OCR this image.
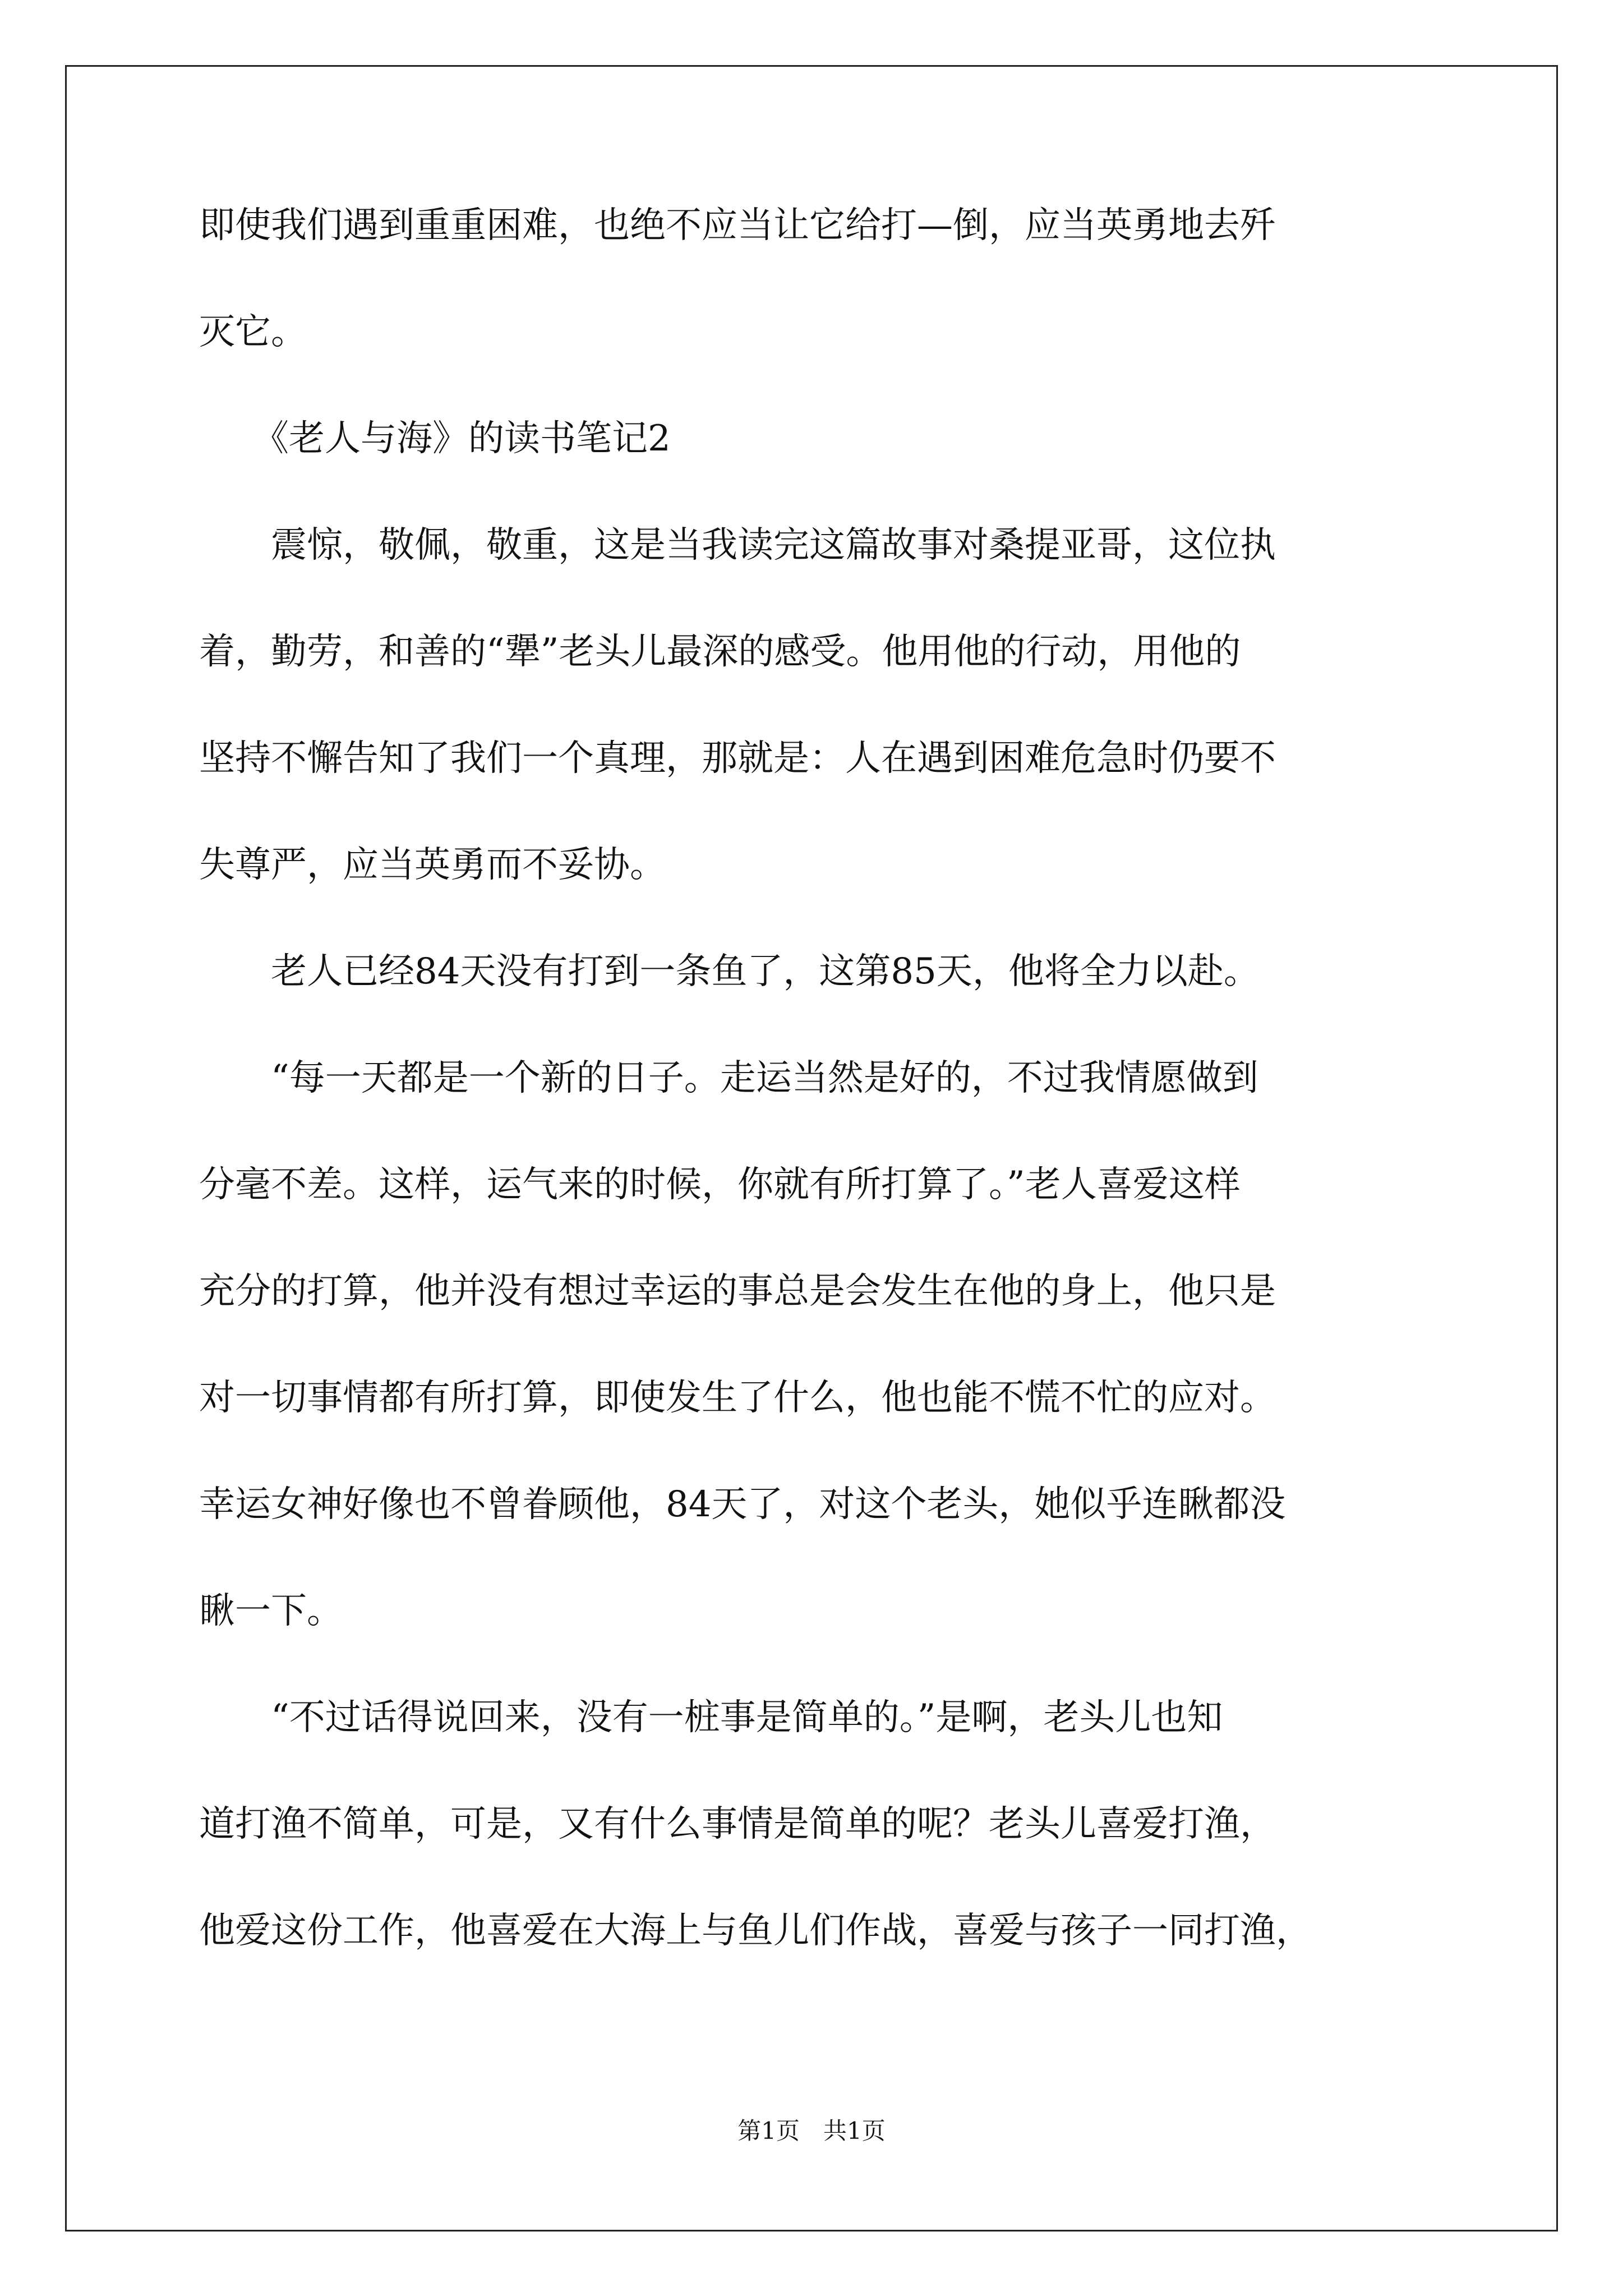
即使我们遇到重重困难，也绝不应当让它给打—倒，应当英勇地去歼
灭它。
　　《老人与海》的读书笔记2
　　震惊，敬佩，敬重，这是当我读完这篇故事对桑提亚哥，这位执
着，勤劳，和善的“犟”老头儿最深的感受。他用他的行动，用他的
坚持不懈告知了我们一个真理，那就是：人在遇到困难危急时仍要不
失尊严，应当英勇而不妥协。
　　老人已经84天没有打到一条鱼了，这第85天，他将全力以赴。
　　“每一天都是一个新的日子。走运当然是好的，不过我情愿做到
分毫不差。这样，运气来的时候，你就有所打算了。”老人喜爱这样
充分的打算，他并没有想过幸运的事总是会发生在他的身上，他只是
对一切事情都有所打算，即使发生了什么，他也能不慌不忙的应对。
幸运女神好像也不曾眷顾他，84天了，对这个老头，她似乎连瞅都没
瞅一下。
　　“不过话得说回来，没有一桩事是简单的。”是啊，老头儿也知
道打渔不简单，可是，又有什么事情是简单的呢？老头儿喜爱打渔，
他爱这份工作，他喜爱在大海上与鱼儿们作战，喜爱与孩子一同打渔，
第1页　共1页
